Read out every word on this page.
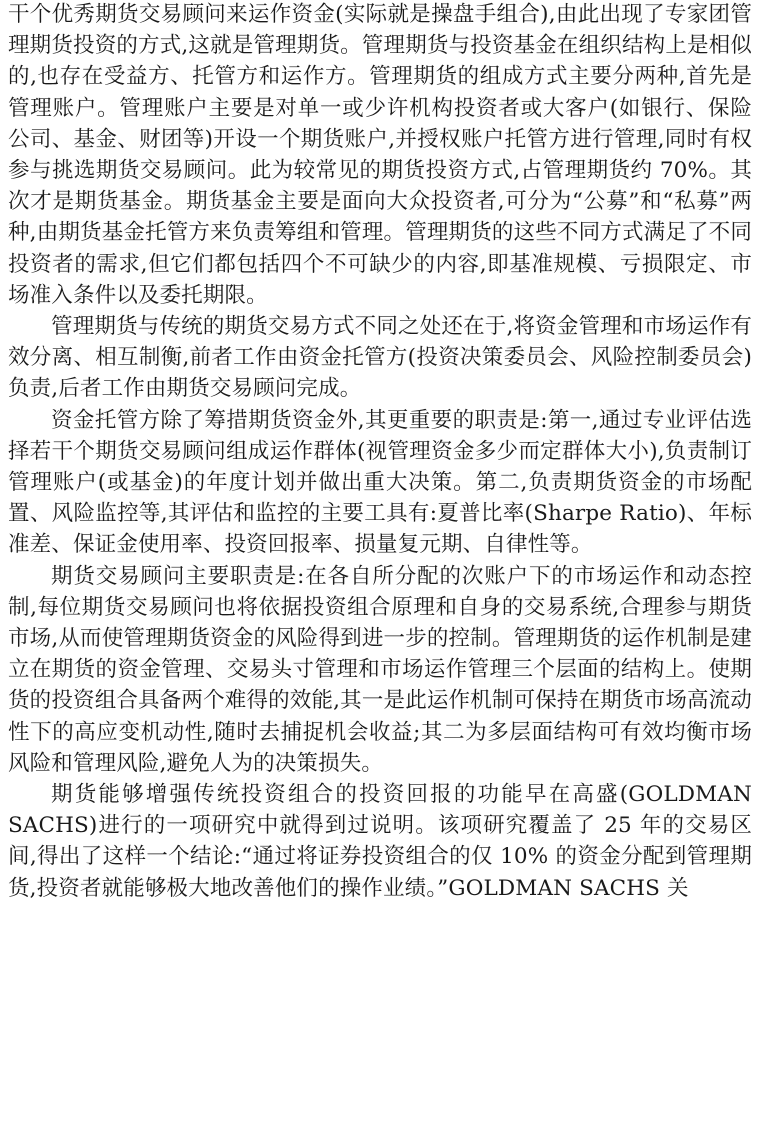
干个优秀期货交易顾问来运作资金(实际就是操盘手组合),由此出现了专家团管理期货投资的方式,这就是管理期货。管理期货与投资基金在组织结构上是相似的,也存在受益方、托管方和运作方。管理期货的组成方式主要分两种,首先是管理账户。管理账户主要是对单一或少许机构投资者或大客户(如银行、保险公司、基金、财团等)开设一个期货账户,并授权账户托管方进行管理,同时有权参与挑选期货交易顾问。此为较常见的期货投资方式,占管理期货约 70%。其次才是期货基金。期货基金主要是面向大众投资者,可分为“公募”和“私募”两种,由期货基金托管方来负责筹组和管理。管理期货的这些不同方式满足了不同投资者的需求,但它们都包括四个不可缺少的内容,即基准规模、亏损限定、市场准入条件以及委托期限。

管理期货与传统的期货交易方式不同之处还在于,将资金管理和市场运作有效分离、相互制衡,前者工作由资金托管方(投资决策委员会、风险控制委员会)负责,后者工作由期货交易顾问完成。

资金托管方除了筹措期货资金外,其更重要的职责是:第一,通过专业评估选择若干个期货交易顾问组成运作群体(视管理资金多少而定群体大小),负责制订管理账户(或基金)的年度计划并做出重大决策。第二,负责期货资金的市场配置、风险监控等,其评估和监控的主要工具有:夏普比率(Sharpe Ratio)、年标准差、保证金使用率、投资回报率、损量复元期、自律性等。

期货交易顾问主要职责是:在各自所分配的次账户下的市场运作和动态控制,每位期货交易顾问也将依据投资组合原理和自身的交易系统,合理参与期货市场,从而使管理期货资金的风险得到进一步的控制。管理期货的运作机制是建立在期货的资金管理、交易头寸管理和市场运作管理三个层面的结构上。使期货的投资组合具备两个难得的效能,其一是此运作机制可保持在期货市场高流动性下的高应变机动性,随时去捕捉机会收益;其二为多层面结构可有效均衡市场风险和管理风险,避免人为的决策损失。

期货能够增强传统投资组合的投资回报的功能早在高盛(GOLDMAN SACHS)进行的一项研究中就得到过说明。该项研究覆盖了 25 年的交易区间,得出了这样一个结论:“通过将证券投资组合的仅 10% 的资金分配到管理期货,投资者就能够极大地改善他们的操作业绩。”GOLDMAN SACHS 关
